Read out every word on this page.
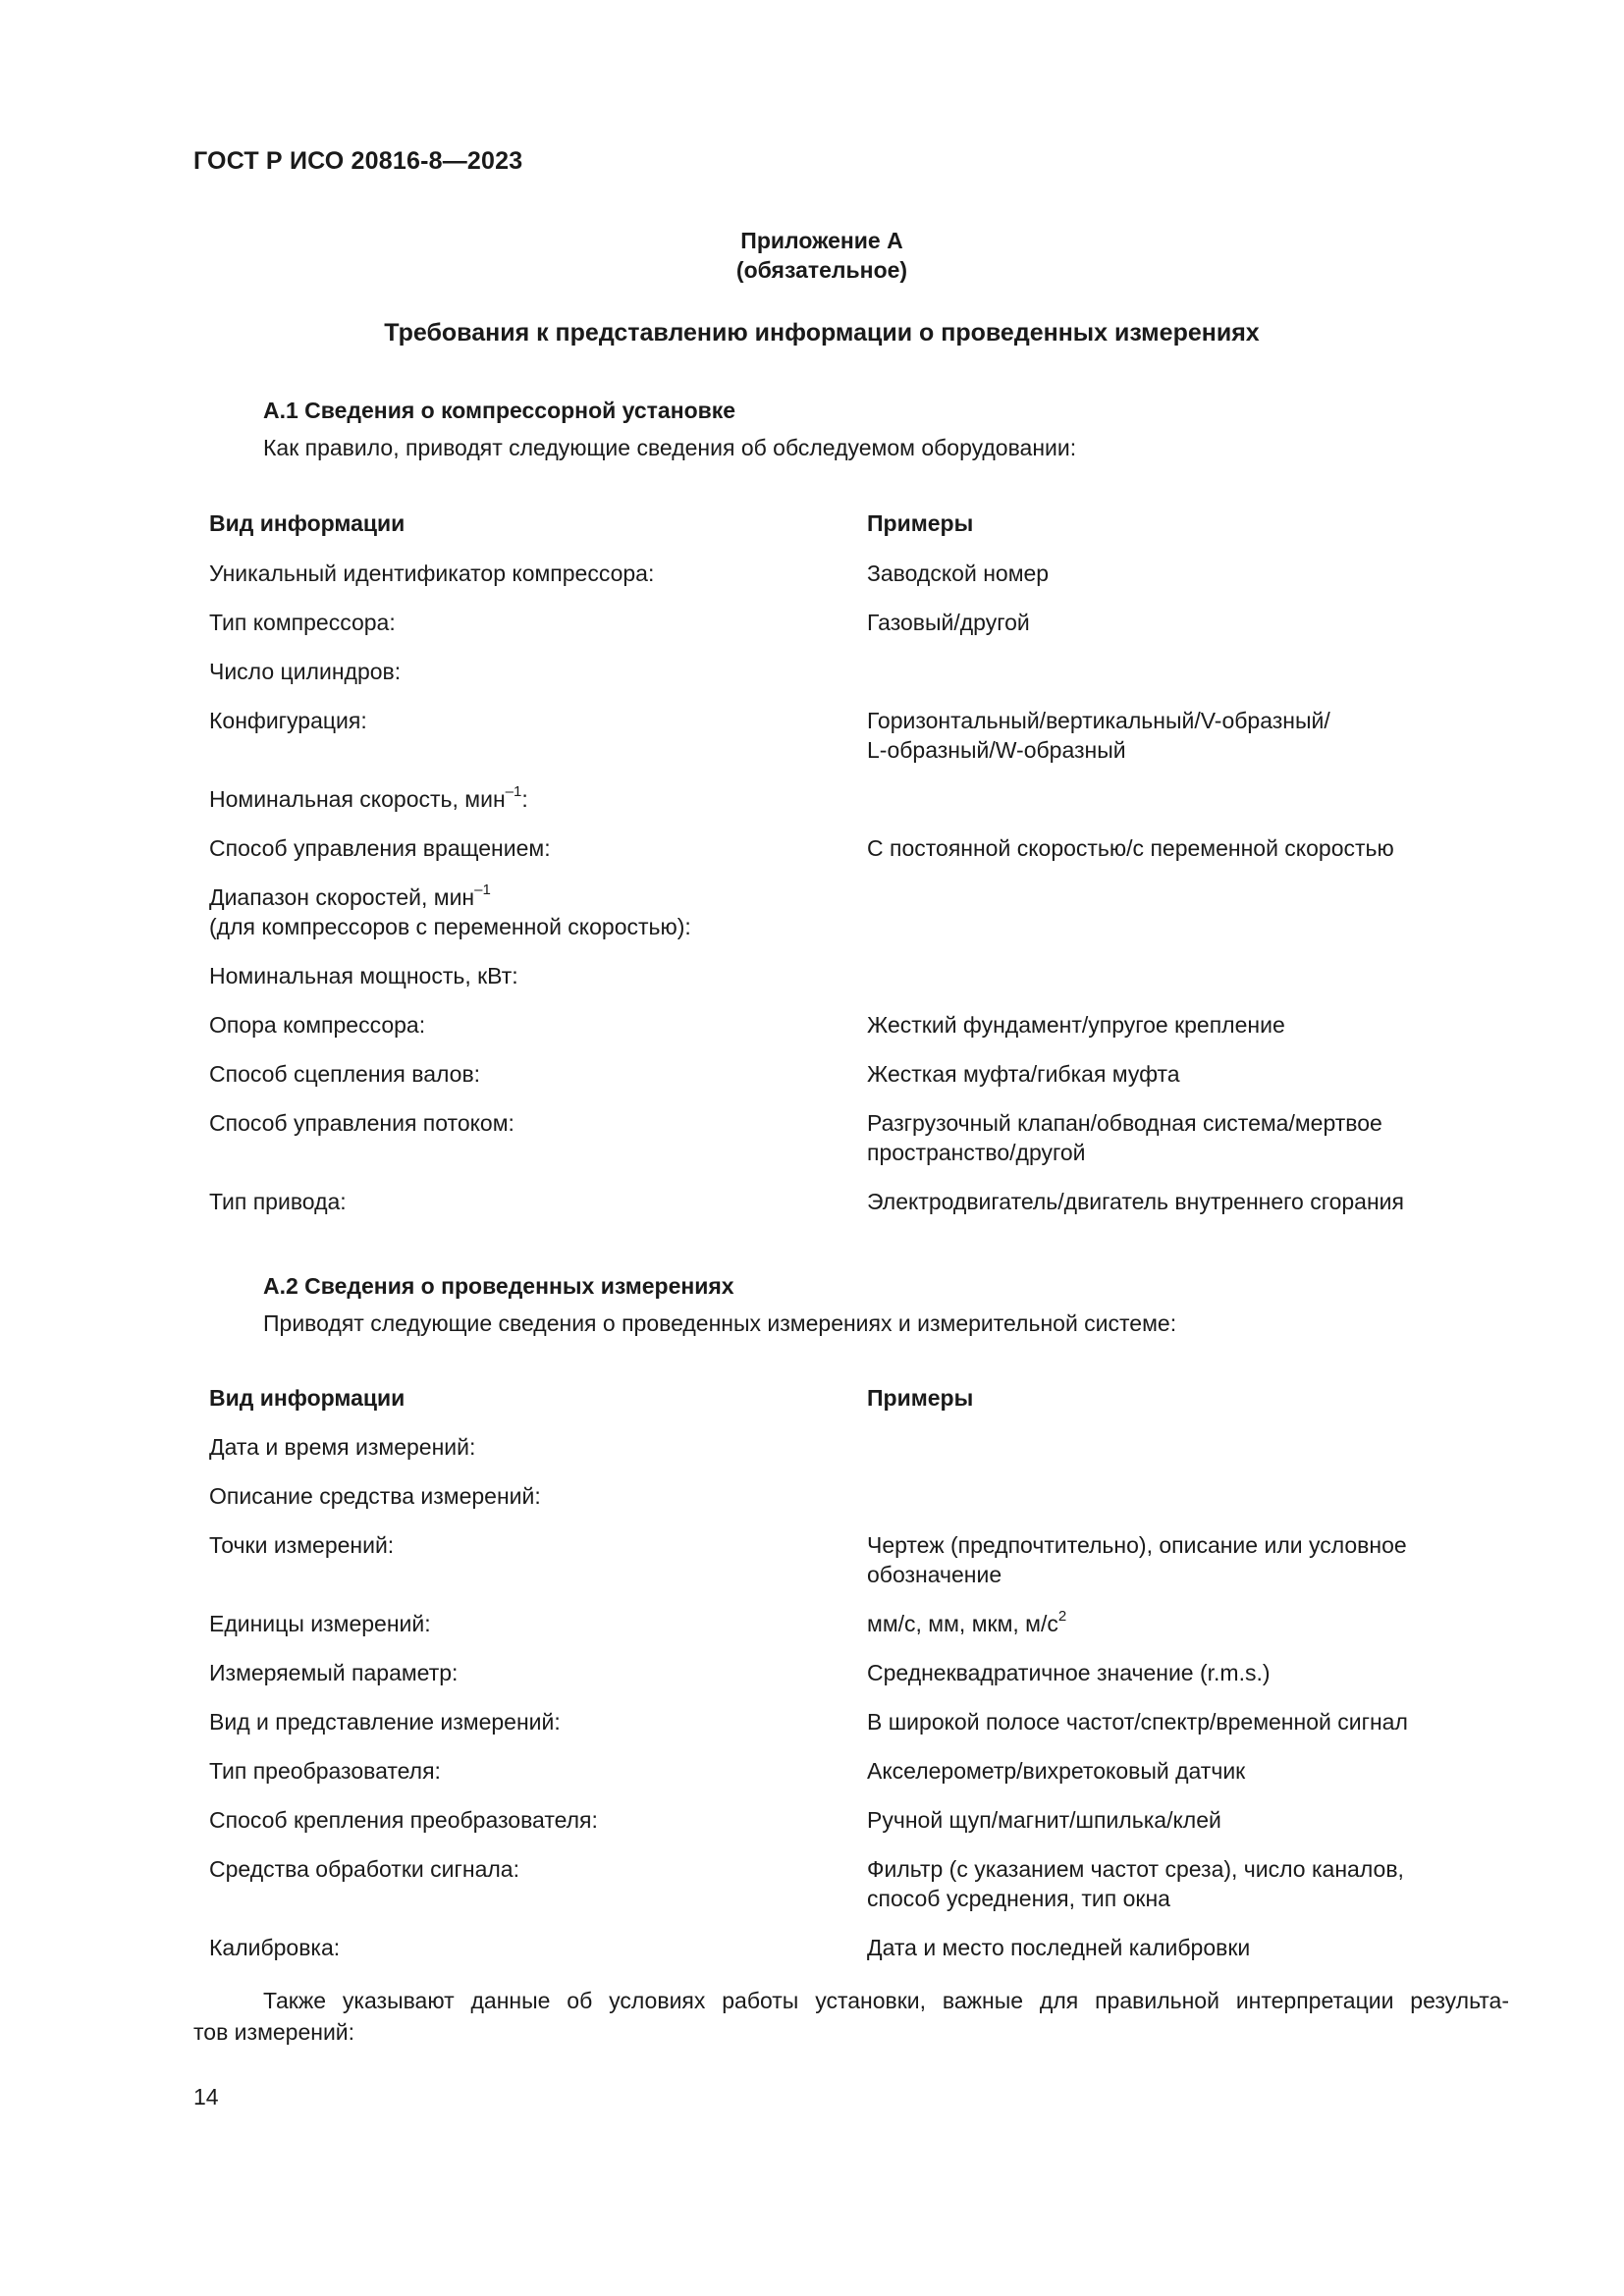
ГОСТ Р ИСО 20816-8—2023
Приложение А
(обязательное)
Требования к представлению информации о проведенных измерениях
А.1 Сведения о компрессорной установке
Как правило, приводят следующие сведения об обследуемом оборудовании:
Вид информации	Примеры
Уникальный идентификатор компрессора:	Заводской номер
Тип компрессора:	Газовый/другой
Число цилиндров:
Конфигурация:	Горизонтальный/вертикальный/V-образный/
L-образный/W-образный
Номинальная скорость, мин$^{-1}$:
Способ управления вращением:	С постоянной скоростью/с переменной скоростью
Диапазон скоростей, мин$^{-1}$
(для компрессоров с переменной скоростью):
Номинальная мощность, кВт:
Опора компрессора:	Жесткий фундамент/упругое крепление
Способ сцепления валов:	Жесткая муфта/гибкая муфта
Способ управления потоком:	Разгрузочный клапан/обводная система/мертвое
пространство/другой
Тип привода:	Электродвигатель/двигатель внутреннего сгорания
А.2 Сведения о проведенных измерениях
Приводят следующие сведения о проведенных измерениях и измерительной системе:
Вид информации	Примеры
Дата и время измерений:
Описание средства измерений:
Точки измерений:	Чертеж (предпочтительно), описание или условное
обозначение
Единицы измерений:	мм/с, мм, мкм, $м/с^2$
Измеряемый параметр:	Среднеквадратичное значение (r.m.s.)
Вид и представление измерений:	В широкой полосе частот/спектр/временной сигнал
Тип преобразователя:	Акселерометр/вихретоковый датчик
Способ крепления преобразователя:	Ручной щуп/магнит/шпилька/клей
Средства обработки сигнала:	Фильтр (с указанием частот среза), число каналов,
способ усреднения, тип окна
Калибровка:	Дата и место последней калибровки
Также указывают данные об условиях работы установки, важные для правильной интерпретации результа-
тов измерений:
14
